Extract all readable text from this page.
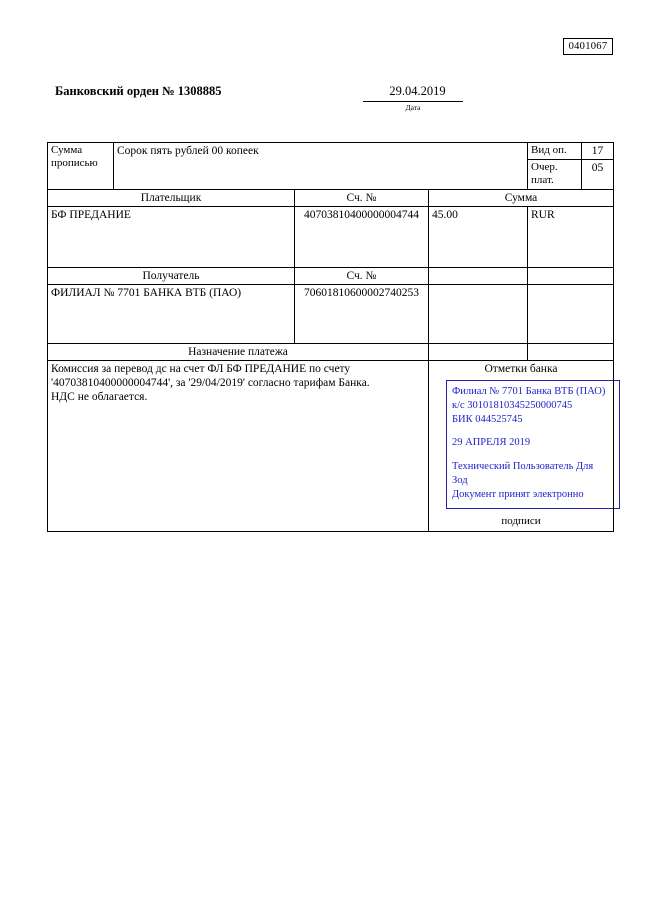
0401067
Банковский орден № 1308885	29.04.2019
Дата
Сумма
прописью	Сорок пять рублей 00 копеек			Вид оп.	17
				Очер. плат.	05
Плательщик		Сч. №	Сумма		
БФ ПРЕДАНИЕ		40703810400000004744	45.00	RUR	
Получатель		Сч. №			
ФИЛИАЛ № 7701 БАНКА ВТБ (ПАО)		70601810600002740253			
Назначение платежа					

Комиссия за перевод дс на счет ФЛ БФ ПРЕДАНИЕ по счету
'40703810400000004744', за '29/04/2019' согласно тарифам Банка.
НДС не облагается.

Отметки банка
Филиал № 7701 Банка ВТБ (ПАО)
к/с 30101810345250000745
БИК 044525745
29 АПРЕЛЯ 2019
Технический Пользователь Для
Зод
Документ принят электронно
подписи
